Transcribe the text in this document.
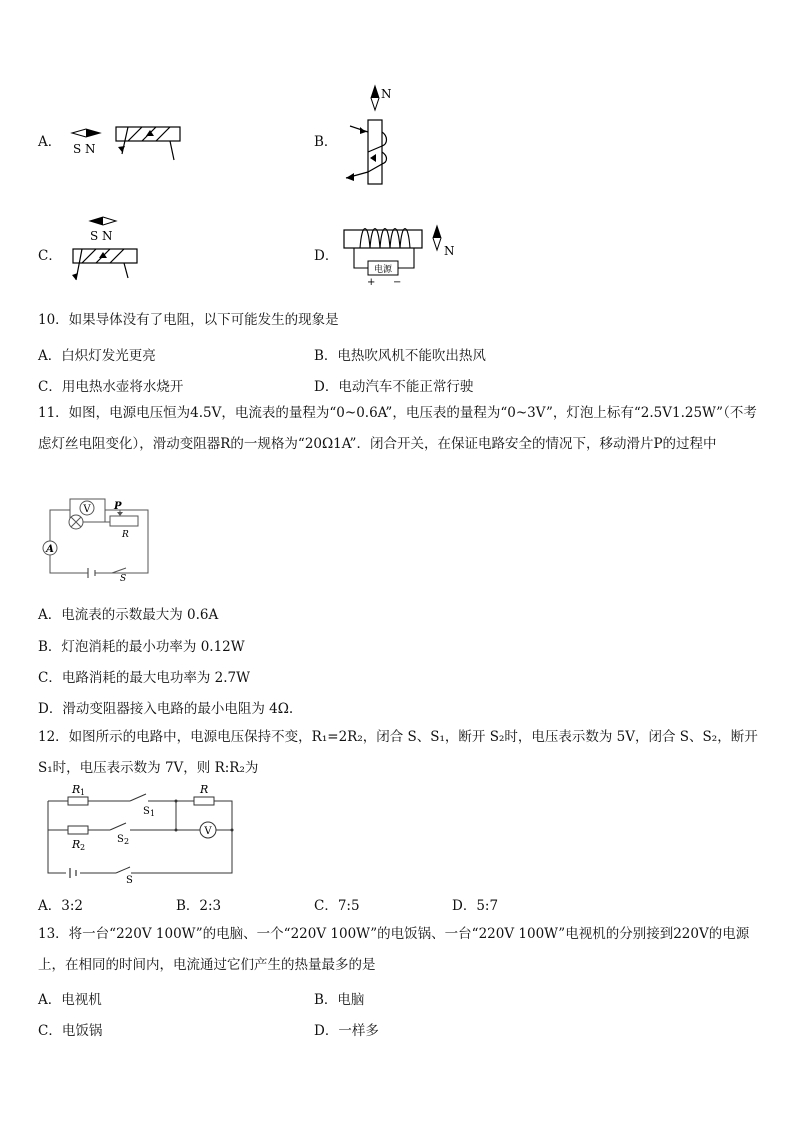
A． S N	B．
N
C．
S N
D．
电源
+ −
N
10．如果导体没有了电阻，以下可能发生的现象是
A．白炽灯发光更亮	B．电热吹风机不能吹出热风
C．用电热水壶将水烧开	D．电动汽车不能正常行驶
11．如图，电源电压恒为4.5V，电流表的量程为“0~0.6A”，电压表的量程为“0~3V”，灯泡上标有“2.5V1.25W”（不考虑灯丝电阻变化），滑动变阻器R的一规格为“20Ω1A”．闭合开关，在保证电路安全的情况下，移动滑片P的过程中
V P
R
A
S
A．电流表的示数最大为 0.6A
B．灯泡消耗的最小功率为 0.12W
C．电路消耗的最大电功率为 2.7W
D．滑动变阻器接入电路的最小电阻为 4Ω.
12．如图所示的电路中，电源电压保持不变，R₁=2R₂，闭合 S、S₁，断开 S₂时，电压表示数为 5V，闭合 S、S₂，断开 S₁时，电压表示数为 7V，则 R:R₂为
V
R 1	R
S 1
R 2
S 2
S
A．3:2	B．2:3	C．7:5	D．5:7
13．将一台“220V 100W”的电脑、一个“220V 100W”的电饭锅、一台“220V 100W”电视机的分别接到220V的电源上，在相同的时间内，电流通过它们产生的热量最多的是
A．电视机	B．电脑
C．电饭锅	D．一样多
